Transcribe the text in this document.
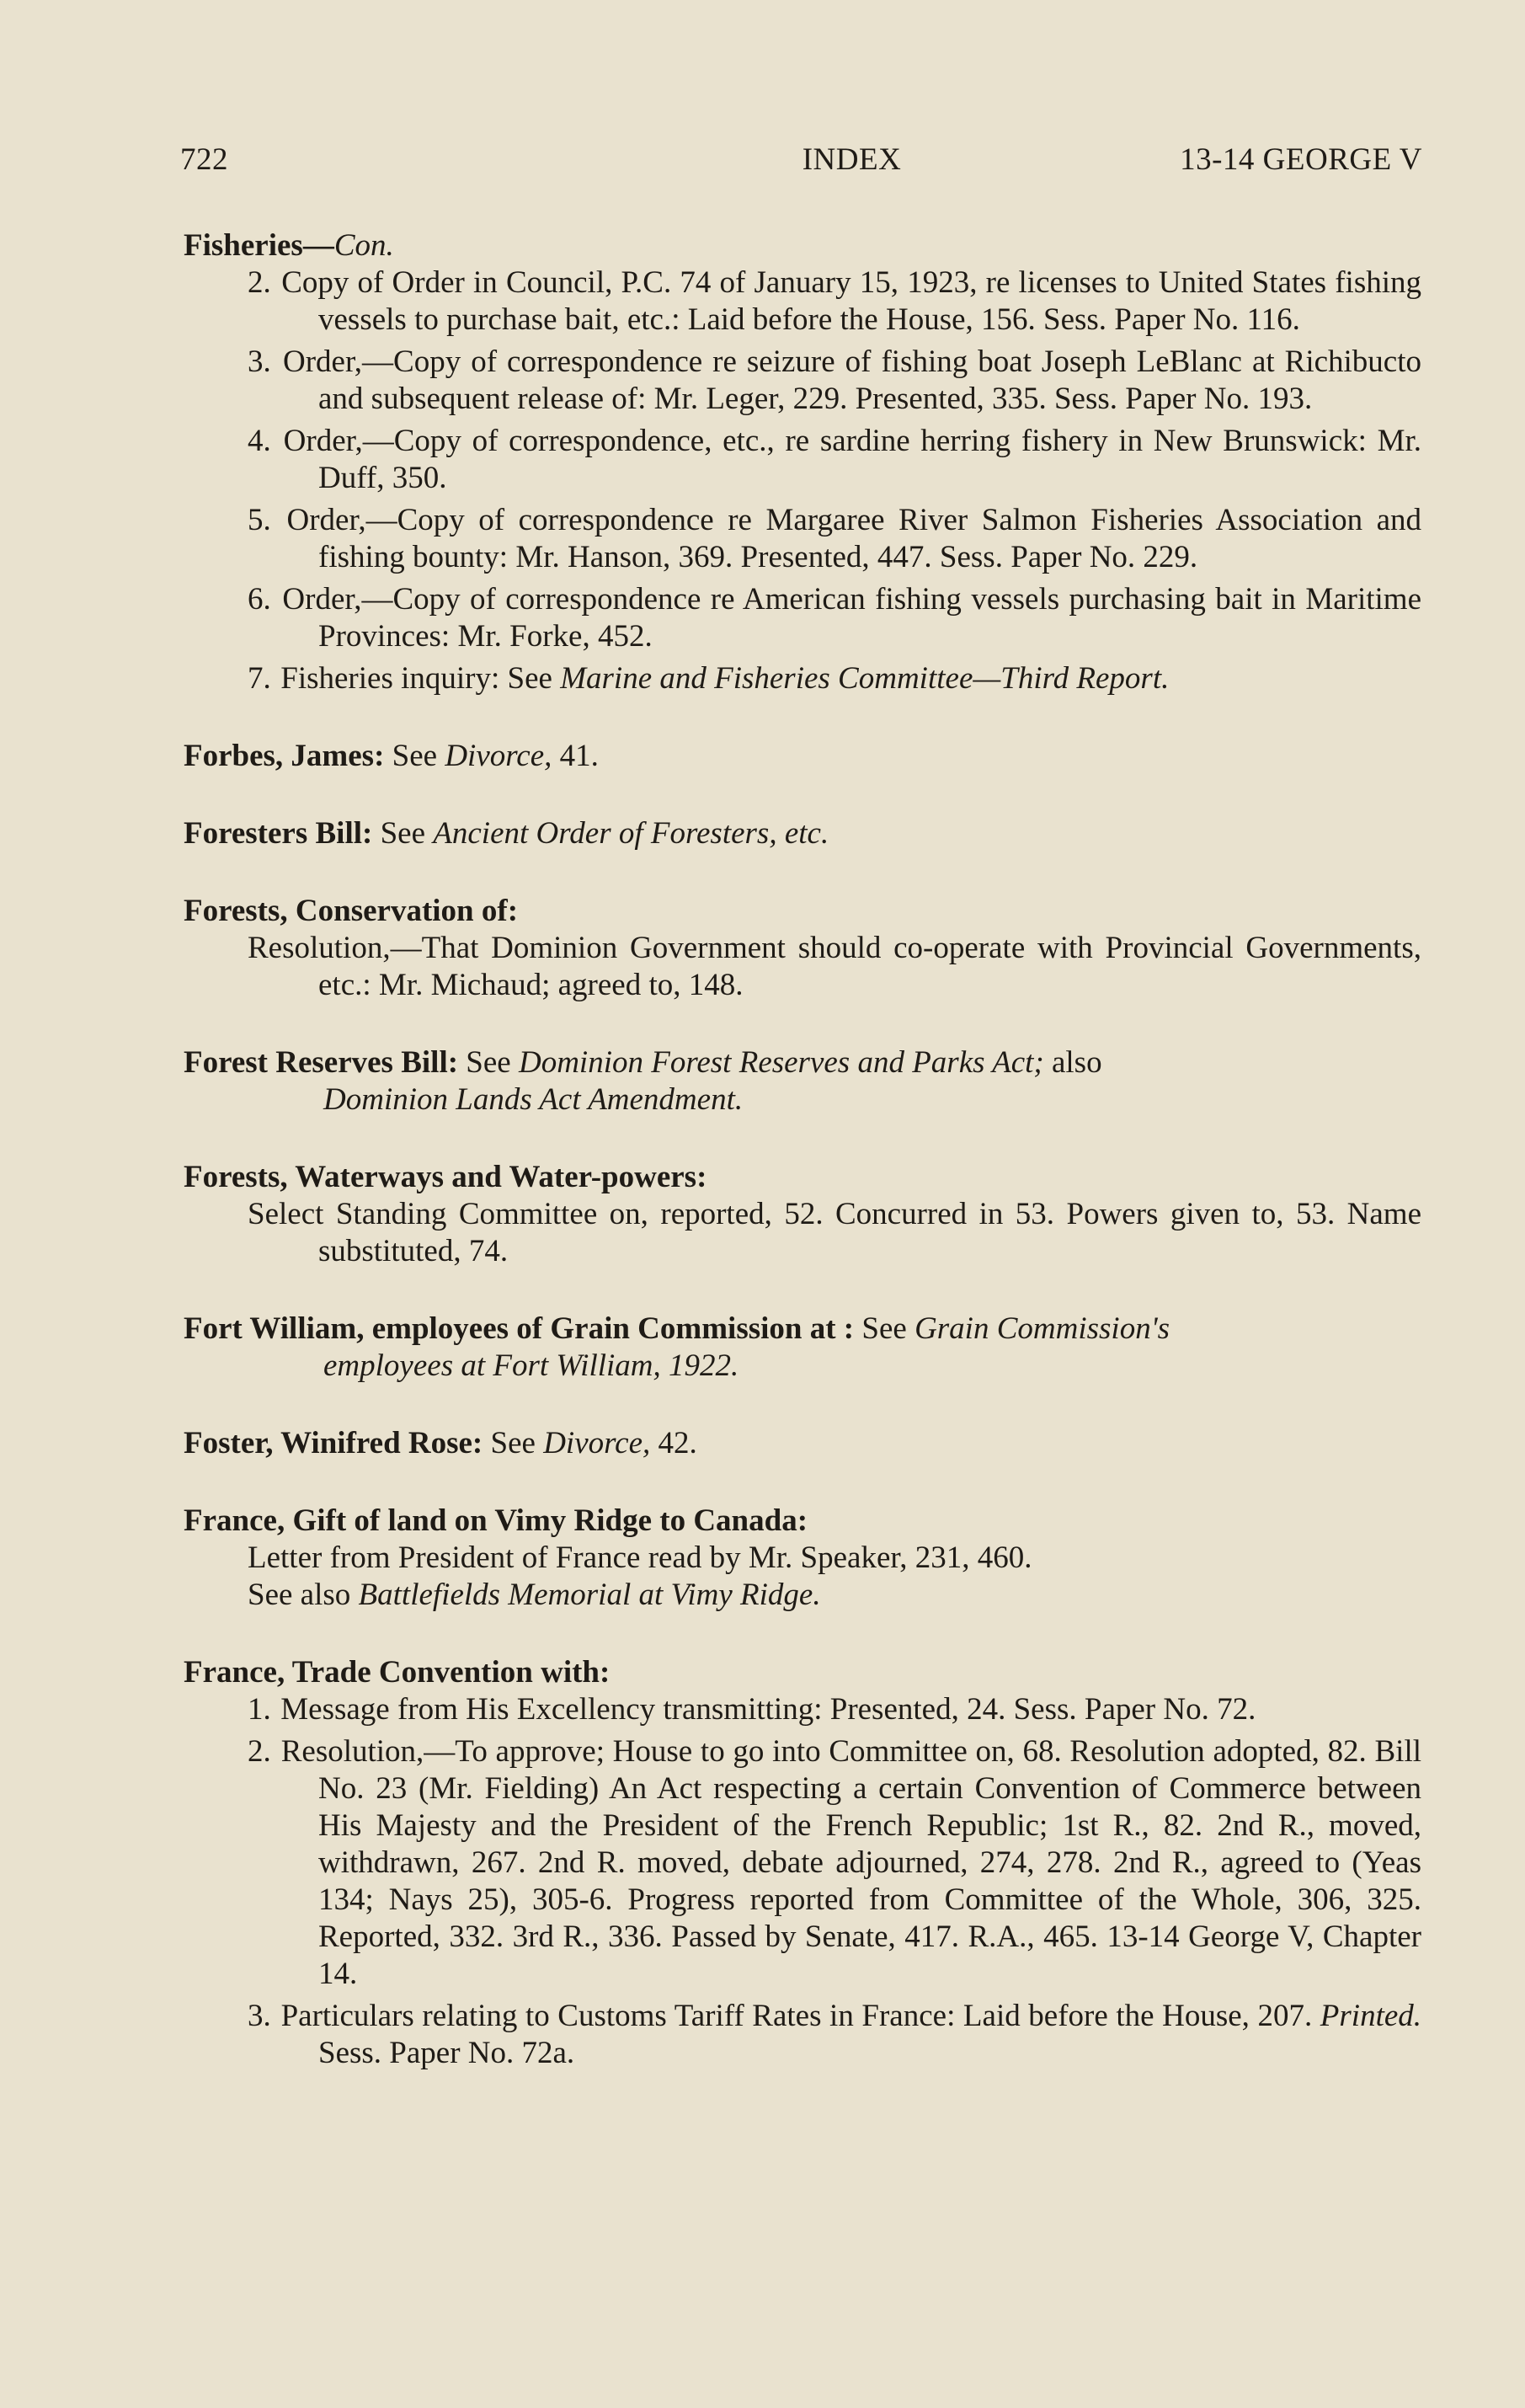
722	INDEX	13-14 GEORGE V
Fisheries—Con.
2. Copy of Order in Council, P.C. 74 of January 15, 1923, re licenses to United States fishing vessels to purchase bait, etc.: Laid before the House, 156. Sess. Paper No. 116.
3. Order,—Copy of correspondence re seizure of fishing boat Joseph LeBlanc at Richibucto and subsequent release of: Mr. Leger, 229. Presented, 335. Sess. Paper No. 193.
4. Order,—Copy of correspondence, etc., re sardine herring fishery in New Brunswick: Mr. Duff, 350.
5. Order,—Copy of correspondence re Margaree River Salmon Fisheries Association and fishing bounty: Mr. Hanson, 369. Presented, 447. Sess. Paper No. 229.
6. Order,—Copy of correspondence re American fishing vessels purchasing bait in Maritime Provinces: Mr. Forke, 452.
7. Fisheries inquiry: See Marine and Fisheries Committee—Third Report.
Forbes, James: See Divorce, 41.
Foresters Bill: See Ancient Order of Foresters, etc.
Forests, Conservation of:
Resolution,—That Dominion Government should co-operate with Provincial Governments, etc.: Mr. Michaud; agreed to, 148.
Forest Reserves Bill: See Dominion Forest Reserves and Parks Act; also
Dominion Lands Act Amendment.
Forests, Waterways and Water-powers:
Select Standing Committee on, reported, 52. Concurred in 53. Powers given to, 53. Name substituted, 74.
Fort William, employees of Grain Commission at : See Grain Commission's
employees at Fort William, 1922.
Foster, Winifred Rose: See Divorce, 42.
France, Gift of land on Vimy Ridge to Canada:
Letter from President of France read by Mr. Speaker, 231, 460.
See also Battlefields Memorial at Vimy Ridge.
France, Trade Convention with:
1. Message from His Excellency transmitting: Presented, 24. Sess. Paper No. 72.
2. Resolution,—To approve; House to go into Committee on, 68. Resolution adopted, 82. Bill No. 23 (Mr. Fielding) An Act respecting a certain Convention of Commerce between His Majesty and the President of the French Republic; 1st R., 82. 2nd R., moved, withdrawn, 267. 2nd R. moved, debate adjourned, 274, 278. 2nd R., agreed to (Yeas 134; Nays 25), 305-6. Progress reported from Committee of the Whole, 306, 325. Reported, 332. 3rd R., 336. Passed by Senate, 417. R.A., 465. 13-14 George V, Chapter 14.
3. Particulars relating to Customs Tariff Rates in France: Laid before the House, 207. Printed. Sess. Paper No. 72a.
